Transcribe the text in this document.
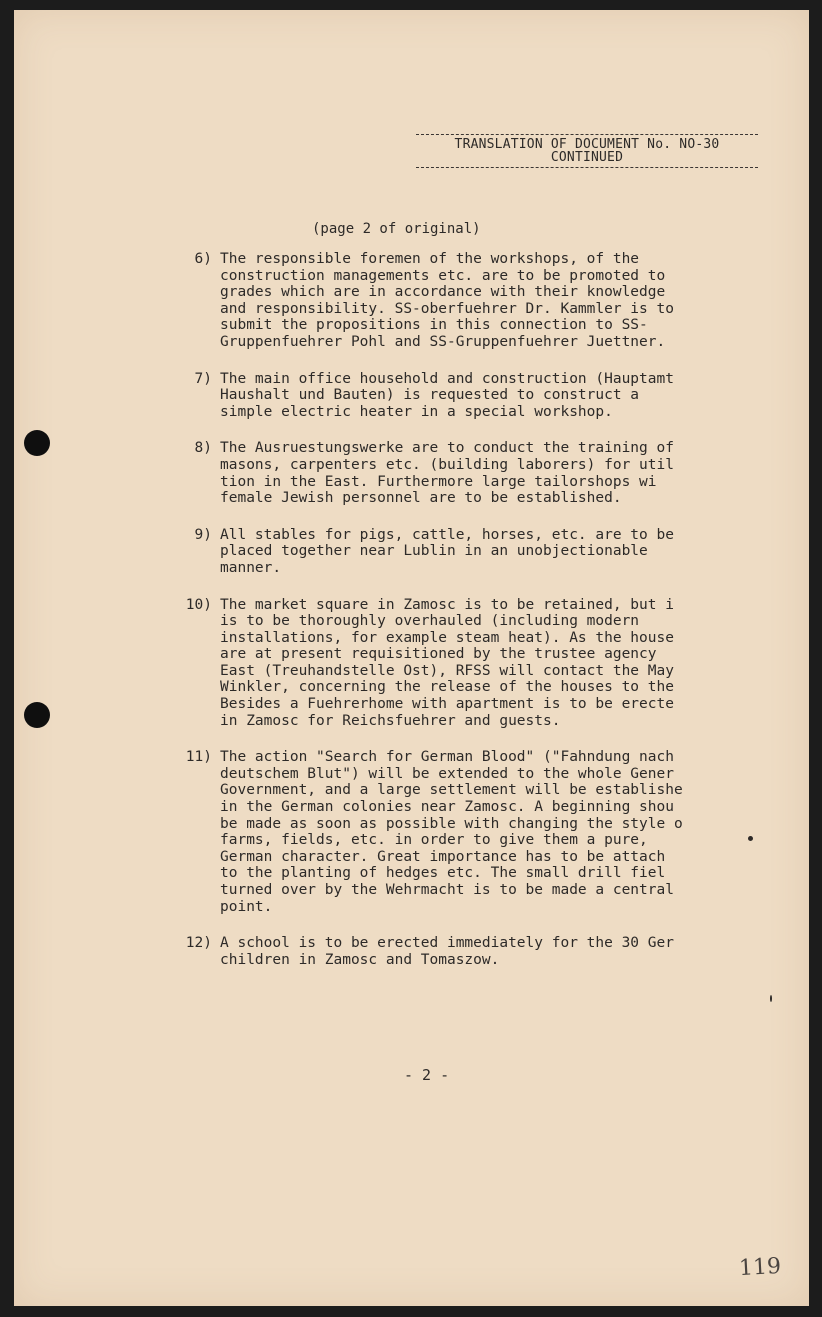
TRANSLATION OF DOCUMENT No. NO-30
CONTINUED
(page 2 of original)
6) The responsible foremen of the workshops, of the
construction managements etc. are to be promoted to
grades which are in accordance with their knowledge
and responsibility. SS-oberfuehrer Dr. Kammler is to
submit the propositions in this connection to SS-
Gruppenfuehrer Pohl and SS-Gruppenfuehrer Juettner.
7) The main office household and construction (Hauptamt
Haushalt und Bauten) is requested to construct a
simple electric heater in a special workshop.
8) The Ausruestungswerke are to conduct the training of
masons, carpenters etc. (building laborers) for util
tion in the East. Furthermore large tailorshops wi
female Jewish personnel are to be established.
9) All stables for pigs, cattle, horses, etc. are to be
placed together near Lublin in an unobjectionable
manner.
10) The market square in Zamosc is to be retained, but i
is to be thoroughly overhauled (including modern
installations, for example steam heat). As the house
are at present requisitioned by the trustee agency
East (Treuhandstelle Ost), RFSS will contact the May
Winkler, concerning the release of the houses to the
Besides a Fuehrerhome with apartment is to be erecte
in Zamosc for Reichsfuehrer and guests.
11) The action "Search for German Blood" ("Fahndung nach
deutschem Blut") will be extended to the whole Gener
Government, and a large settlement will be establishe
in the German colonies near Zamosc. A beginning shou
be made as soon as possible with changing the style o
farms, fields, etc. in order to give them a pure,
German character. Great importance has to be attach
to the planting of hedges etc. The small drill fiel
turned over by the Wehrmacht is to be made a central
point.
12) A school is to be erected immediately for the 30 Ger
children in Zamosc and Tomaszow.
- 2 -
119
